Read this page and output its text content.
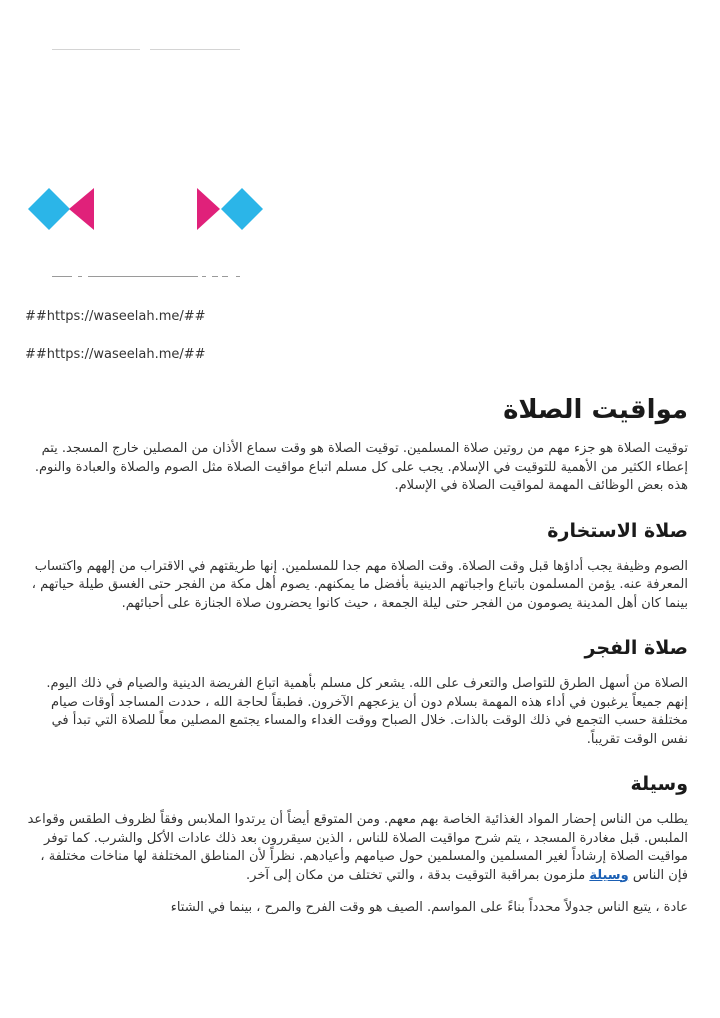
##https://waseelah.me/##

##https://waseelah.me/##

مواقيت الصلاة

توقيت الصلاة هو جزء مهم من روتين صلاة المسلمين. توقيت الصلاة هو وقت سماع الأذان من المصلين خارج المسجد. يتم إعطاء الكثير من الأهمية للتوقيت في الإسلام. يجب على كل مسلم اتباع مواقيت الصلاة مثل الصوم والصلاة والعبادة والنوم. هذه بعض الوظائف المهمة لمواقيت الصلاة في الإسلام.

صلاة الاستخارة

الصوم وظيفة يجب أداؤها قبل وقت الصلاة. وقت الصلاة مهم جدا للمسلمين. إنها طريقتهم في الاقتراب من إلههم واكتساب المعرفة عنه. يؤمن المسلمون باتباع واجباتهم الدينية بأفضل ما يمكنهم. يصوم أهل مكة من الفجر حتى الغسق طيلة حياتهم ، بينما كان أهل المدينة يصومون من الفجر حتى ليلة الجمعة ، حيث كانوا يحضرون صلاة الجنازة على أحبائهم.

صلاة الفجر

الصلاة من أسهل الطرق للتواصل والتعرف على الله. يشعر كل مسلم بأهمية اتباع الفريضة الدينية والصيام في ذلك اليوم. إنهم جميعاً يرغبون في أداء هذه المهمة بسلام دون أن يزعجهم الآخرون. فطبقاً لحاجة الله ، حددت المساجد أوقات صيام مختلفة حسب التجمع في ذلك الوقت بالذات. خلال الصباح ووقت الغداء والمساء يجتمع المصلين معاً للصلاة التي تبدأ في نفس الوقت تقريباً.

وسيلة

يطلب من الناس إحضار المواد الغذائية الخاصة بهم معهم. ومن المتوقع أيضاً أن يرتدوا الملابس وفقاً لظروف الطقس وقواعد الملبس. قبل مغادرة المسجد ، يتم شرح مواقيت الصلاة للناس ، الذين سيقررون بعد ذلك عادات الأكل والشرب. كما توفر مواقيت الصلاة إرشاداً لغير المسلمين والمسلمين حول صيامهم وأعيادهم. نظراً لأن المناطق المختلفة لها مناخات مختلفة ، فإن الناس وسيلة ملزمون بمراقبة التوقيت بدقة ، والتي تختلف من مكان إلى آخر.

عادة ، يتبع الناس جدولاً محدداً بناءً على المواسم. الصيف هو وقت الفرح والمرح ، بينما في الشتاء
